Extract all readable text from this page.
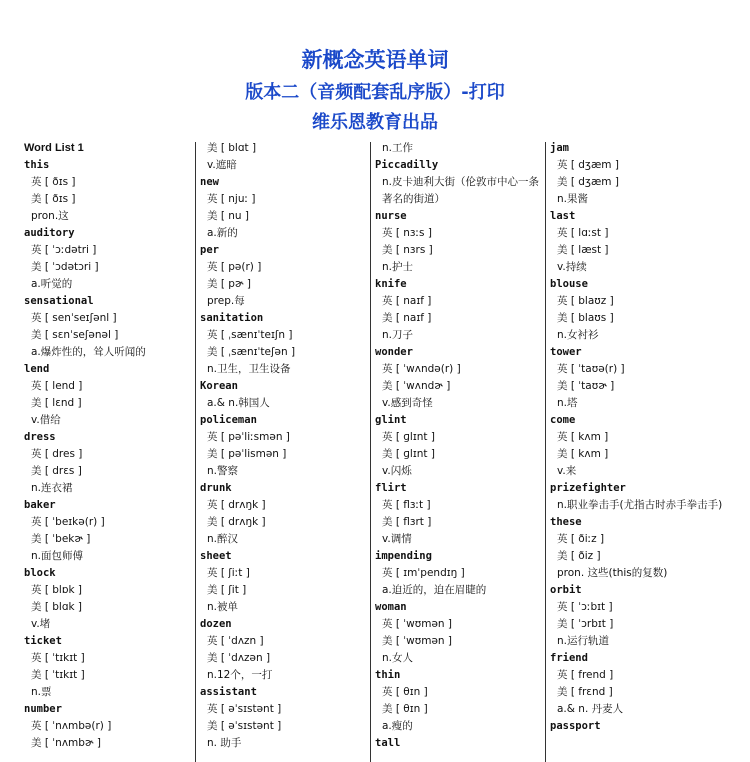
新概念英语单词
版本二（音频配套乱序版）-打印
维乐恩教育出品
Word List 1
this
英 [ ðɪs ]
美 [ ðɪs ]
pron.这
auditory
英 [ ˈɔːdətri ]
美 [ ˈɔdətɔri ]
a.听觉的
sensational
英 [ senˈseɪʃənl ]
美 [ sɛnˈseʃənəl ]
a.爆炸性的，耸人听闻的
lend
英 [ lend ]
美 [ lɛnd ]
v.借给
dress
英 [ dres ]
美 [ drɛs ]
n.连衣裙
baker
英 [ ˈbeɪkə(r) ]
美 [ ˈbekɚ ]
n.面包师傅
block
英 [ blɒk ]
美 [ blɑk ]
v.堵
ticket
英 [ ˈtɪkɪt ]
美 [ ˈtɪkɪt ]
n.票
number
英 [ ˈnʌmbə(r) ]
美 [ ˈnʌmbɚ ]
美 [ blɑt ]
v.遮暗
new
英 [ njuː ]
美 [ nu ]
a.新的
per
英 [ pə(r) ]
美 [ pɚ ]
prep.每
sanitation
英 [ ˌsænɪˈteɪʃn ]
美 [ ˌsænɪˈteʃən ]
n.卫生，卫生设备
Korean
a.& n.韩国人
policeman
英 [ pəˈliːsmən ]
美 [ pəˈlismən ]
n.警察
drunk
英 [ drʌŋk ]
美 [ drʌŋk ]
n.醉汉
sheet
英 [ ʃiːt ]
美 [ ʃit ]
n.被单
dozen
英 [ ˈdʌzn ]
美 [ ˈdʌzən ]
n.12个，一打
assistant
英 [ əˈsɪstənt ]
美 [ əˈsɪstənt ]
n. 助手
n.工作
Piccadilly
n.皮卡迪利大街（伦敦市中心一条著名的街道）
nurse
英 [ nɜːs ]
美 [ nɜrs ]
n.护士
knife
英 [ naɪf ]
美 [ naɪf ]
n.刀子
wonder
英 [ ˈwʌndə(r) ]
美 [ ˈwʌndɚ ]
v.感到奇怪
glint
英 [ ɡlɪnt ]
美 [ ɡlɪnt ]
v.闪烁
flirt
英 [ flɜːt ]
美 [ flɜrt ]
v.调情
impending
英 [ ɪmˈpendɪŋ ]
a.迫近的，迫在眉睫的
woman
英 [ ˈwʊmən ]
美 [ ˈwʊmən ]
n.女人
thin
英 [ θɪn ]
美 [ θɪn ]
a.瘦的
tall
jam
英 [ dʒæm ]
美 [ dʒæm ]
n.果酱
last
英 [ lɑːst ]
美 [ læst ]
v.持续
blouse
英 [ blaʊz ]
美 [ blaʊs ]
n.女衬衫
tower
英 [ ˈtaʊə(r) ]
美 [ ˈtaʊɚ ]
n.塔
come
英 [ kʌm ]
美 [ kʌm ]
v.来
prizefighter
n.职业拳击手(尤指古时赤手拳击手)
these
英 [ ðiːz ]
美 [ ðiz ]
pron. 这些(this的复数)
orbit
英 [ ˈɔːbɪt ]
美 [ ˈɔrbɪt ]
n.运行轨道
friend
英 [ frend ]
美 [ frɛnd ]
a.& n. 丹麦人
passport
